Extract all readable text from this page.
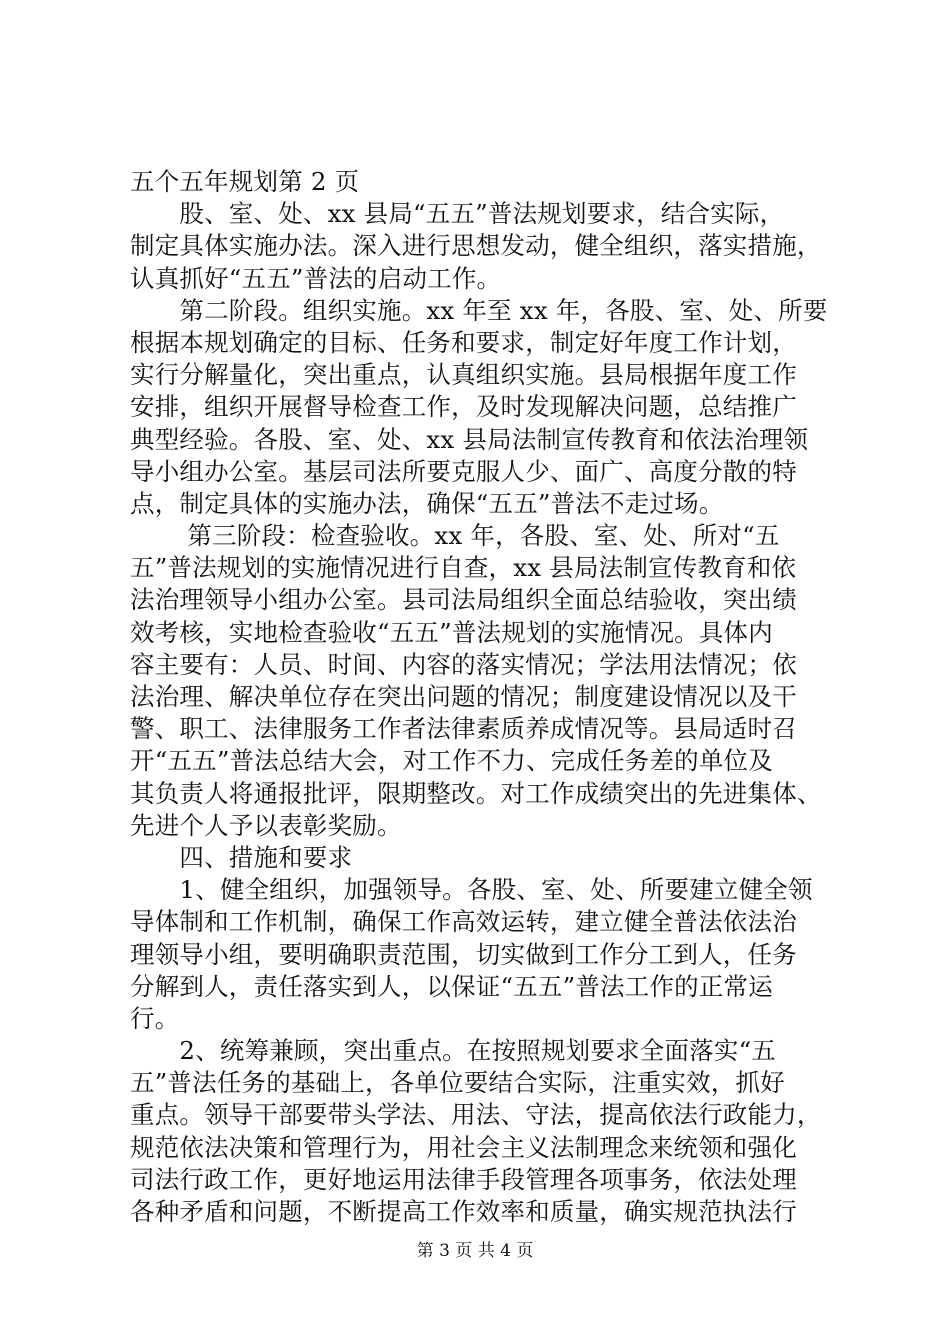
五个五年规划第 2 页
　　股、室、处、xx 县局“五五”普法规划要求，结合实际，
制定具体实施办法。深入进行思想发动，健全组织，落实措施，
认真抓好“五五”普法的启动工作。
　　第二阶段。组织实施。xx 年至 xx 年，各股、室、处、所要
根据本规划确定的目标、任务和要求，制定好年度工作计划，
实行分解量化，突出重点，认真组织实施。县局根据年度工作
安排，组织开展督导检查工作，及时发现解决问题，总结推广
典型经验。各股、室、处、xx 县局法制宣传教育和依法治理领
导小组办公室。基层司法所要克服人少、面广、高度分散的特
点，制定具体的实施办法，确保“五五”普法不走过场。
　　 第三阶段：检查验收。xx 年，各股、室、处、所对“五
五”普法规划的实施情况进行自查，xx 县局法制宣传教育和依
法治理领导小组办公室。县司法局组织全面总结验收，突出绩
效考核，实地检查验收“五五”普法规划的实施情况。具体内
容主要有：人员、时间、内容的落实情况；学法用法情况；依
法治理、解决单位存在突出问题的情况；制度建设情况以及干
警、职工、法律服务工作者法律素质养成情况等。县局适时召
开“五五”普法总结大会，对工作不力、完成任务差的单位及
其负责人将通报批评，限期整改。对工作成绩突出的先进集体、
先进个人予以表彰奖励。
　　四、措施和要求
　　1、健全组织，加强领导。各股、室、处、所要建立健全领
导体制和工作机制，确保工作高效运转，建立健全普法依法治
理领导小组，要明确职责范围，切实做到工作分工到人，任务
分解到人，责任落实到人，以保证“五五”普法工作的正常运
行。
　　2、统筹兼顾，突出重点。在按照规划要求全面落实“五
五”普法任务的基础上，各单位要结合实际，注重实效，抓好
重点。领导干部要带头学法、用法、守法，提高依法行政能力，
规范依法决策和管理行为，用社会主义法制理念来统领和强化
司法行政工作，更好地运用法律手段管理各项事务，依法处理
各种矛盾和问题，不断提高工作效率和质量，确实规范执法行
第 3 页 共 4 页
